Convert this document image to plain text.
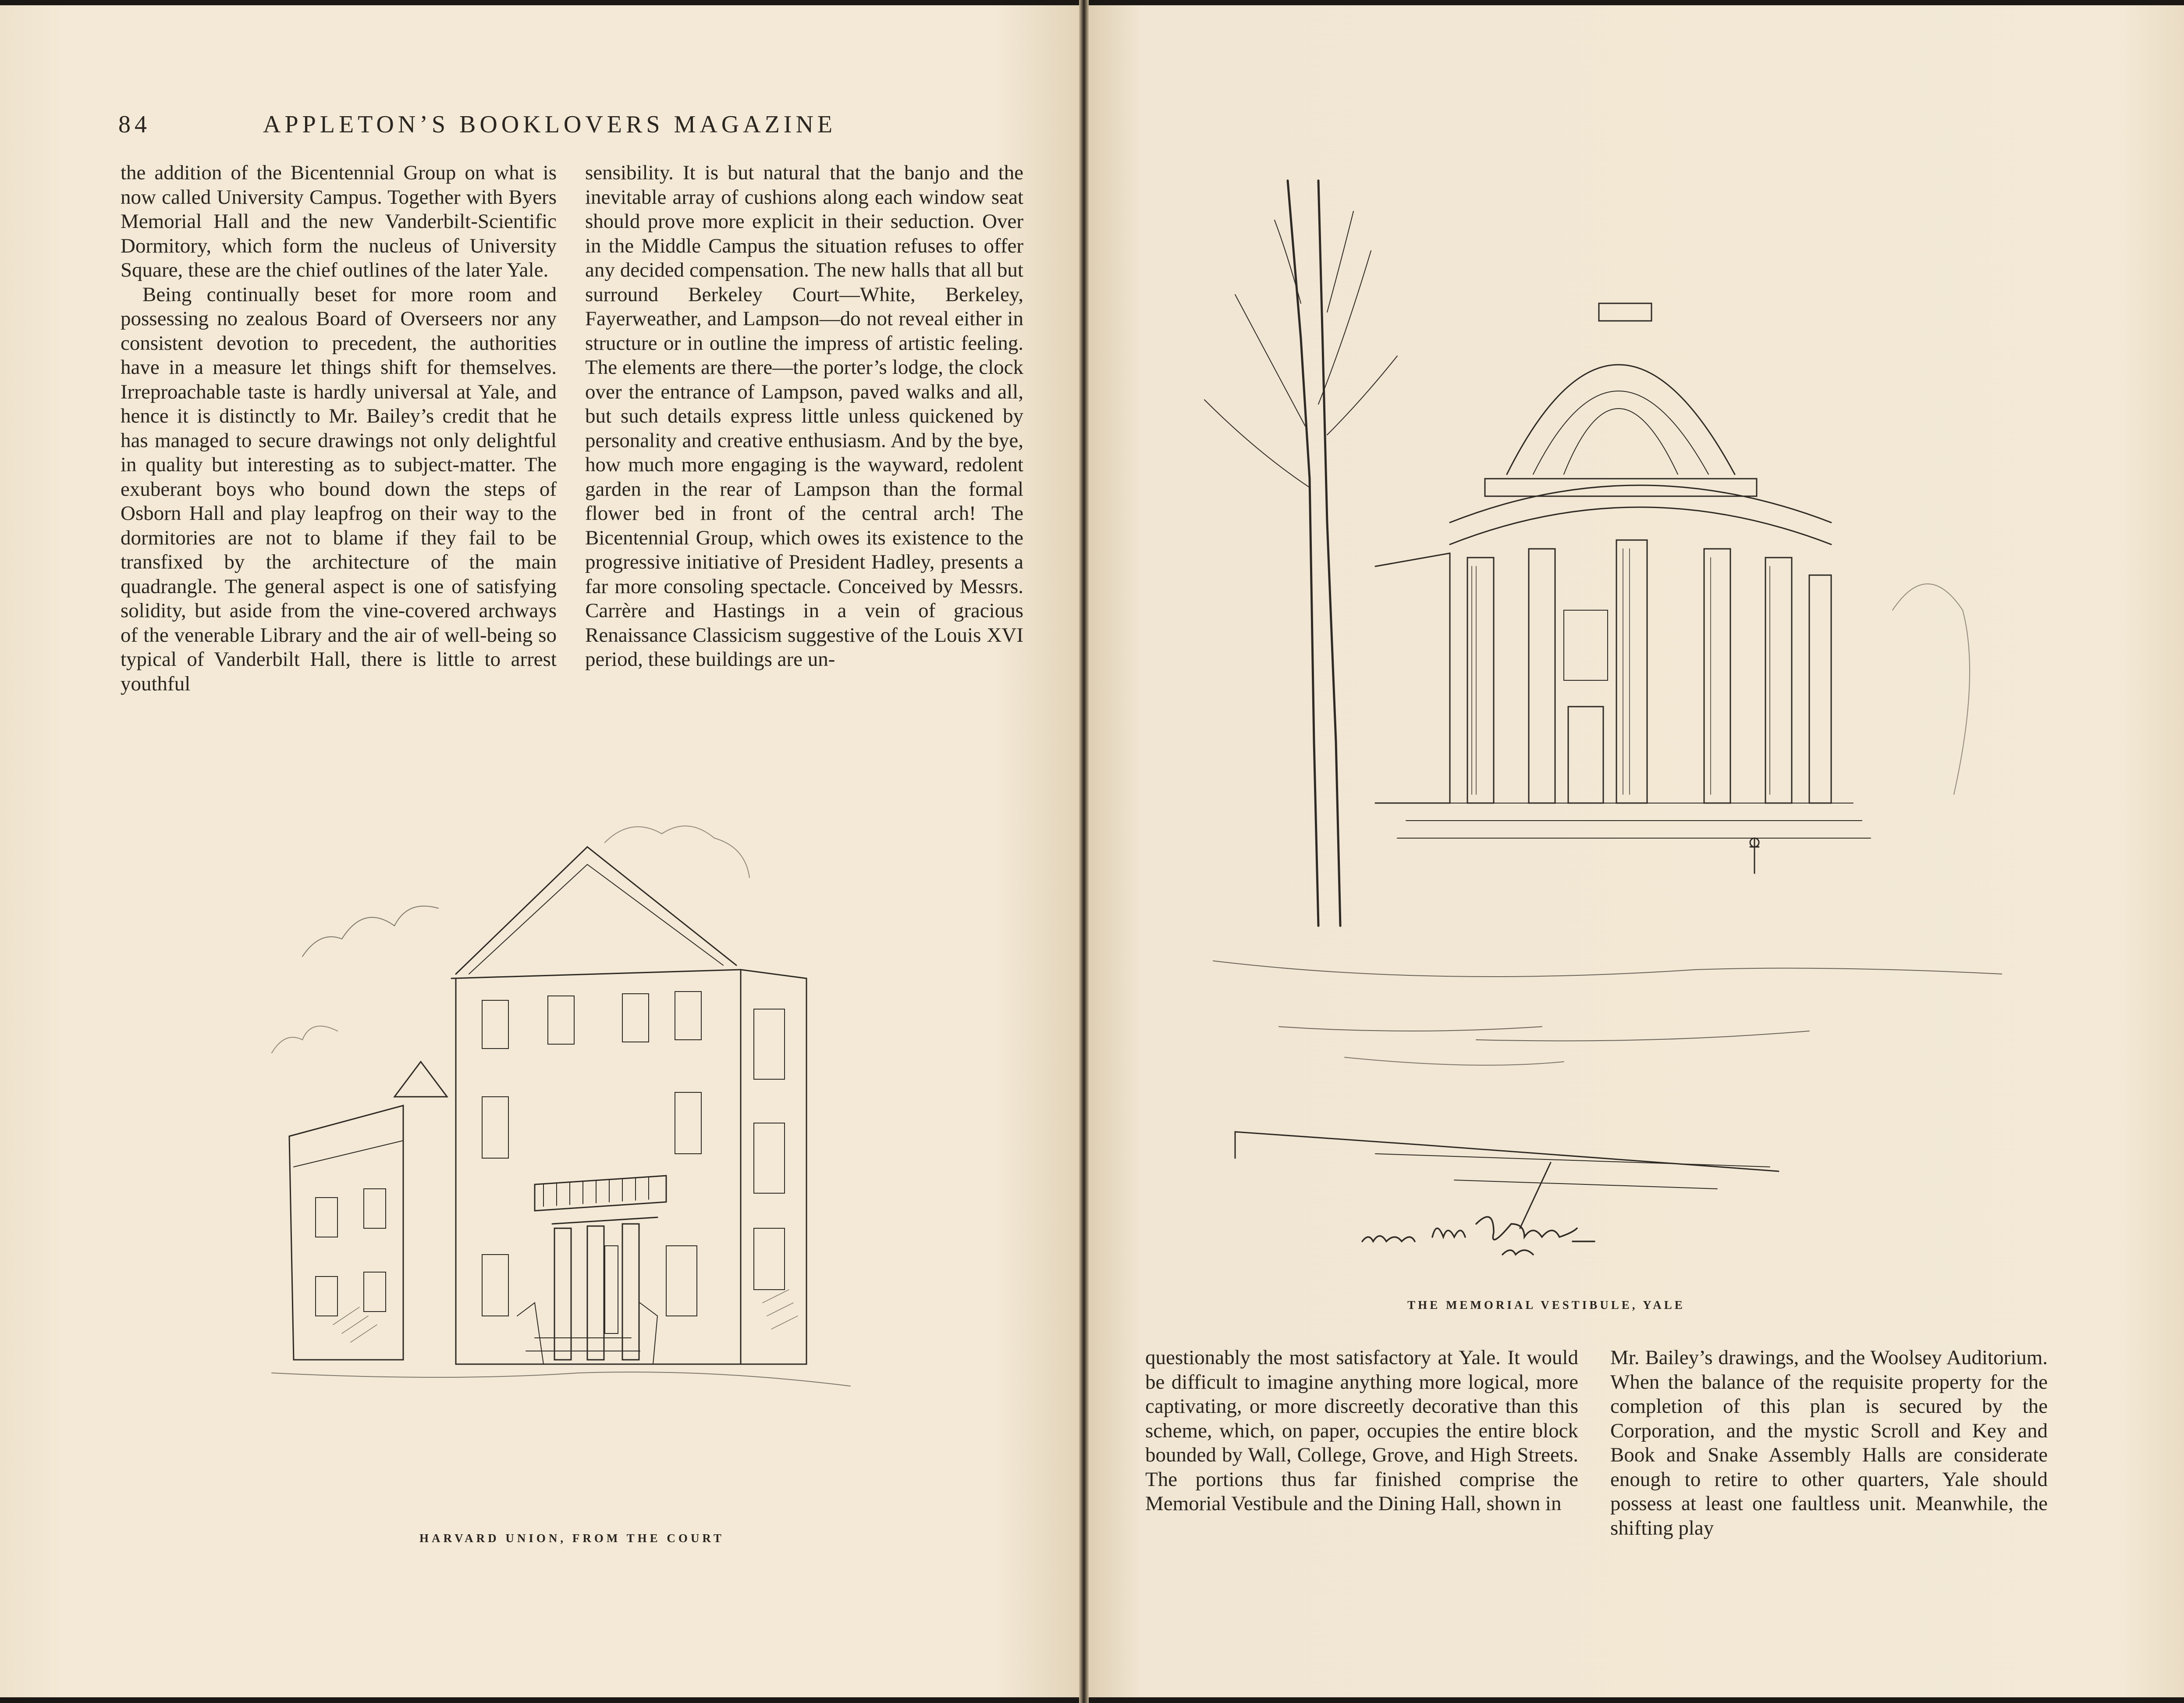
84	APPLETON’S BOOKLOVERS MAGAZINE

the addition of the Bicentennial Group on what is now called University Campus. Together with Byers Memorial Hall and the new Vanderbilt-Scientific Dormitory, which form the nucleus of University Square, these are the chief outlines of the later Yale.

Being continually beset for more room and possessing no zealous Board of Overseers nor any consistent devotion to precedent, the authorities have in a measure let things shift for themselves. Irreproachable taste is hardly universal at Yale, and hence it is distinctly to Mr. Bailey’s credit that he has managed to secure drawings not only delightful in quality but interesting as to subject-matter. The exuberant boys who bound down the steps of Osborn Hall and play leapfrog on their way to the dormitories are not to blame if they fail to be transfixed by the architecture of the main quadrangle. The general aspect is one of satisfying solidity, but aside from the vine-covered archways of the venerable Library and the air of well-being so typical of Vanderbilt Hall, there is little to arrest youthful

sensibility. It is but natural that the banjo and the inevitable array of cushions along each window seat should prove more explicit in their seduction. Over in the Middle Campus the situation refuses to offer any decided compensation. The new halls that all but surround Berkeley Court—White, Berkeley, Fayerweather, and Lampson—do not reveal either in structure or in outline the impress of artistic feeling. The elements are there—the porter’s lodge, the clock over the entrance of Lampson, paved walks and all, but such details express little unless quickened by personality and creative enthusiasm. And by the bye, how much more engaging is the wayward, redolent garden in the rear of Lampson than the formal flower bed in front of the central arch! The Bicentennial Group, which owes its existence to the progressive initiative of President Hadley, presents a far more consoling spectacle. Conceived by Messrs. Carrère and Hastings in a vein of gracious Renaissance Classicism suggestive of the Louis XVI period, these buildings are un-

HARVARD UNION, FROM THE COURT
Vernon Howe Bailey
THE MEMORIAL VESTIBULE, YALE

questionably the most satisfactory at Yale. It would be difficult to imagine anything more logical, more captivating, or more discreetly decorative than this scheme, which, on paper, occupies the entire block bounded by Wall, College, Grove, and High Streets. The portions thus far finished comprise the Memorial Vestibule and the Dining Hall, shown in

Mr. Bailey’s drawings, and the Woolsey Auditorium. When the balance of the requisite property for the completion of this plan is secured by the Corporation, and the mystic Scroll and Key and Book and Snake Assembly Halls are considerate enough to retire to other quarters, Yale should possess at least one faultless unit. Meanwhile, the shifting play
